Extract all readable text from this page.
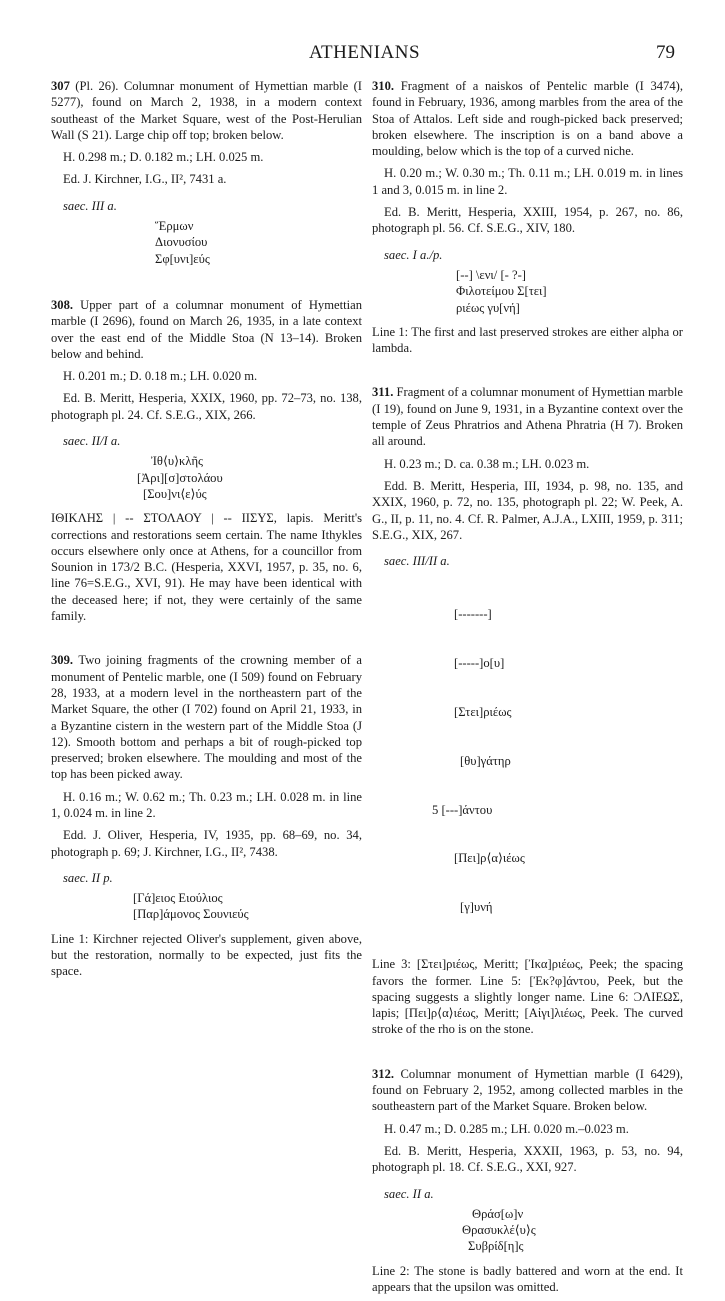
ATHENIANS	79

307 (Pl. 26). Columnar monument of Hymettian marble (I 5277), found on March 2, 1938, in a modern context southeast of the Market Square, west of the Post-Herulian Wall (S 21). Large chip off top; broken below.

H. 0.298 m.; D. 0.182 m.; LH. 0.025 m.

Ed. J. Kirchner, I.G., II², 7431 a.

saec. III a.
Ἕρμων
Διονυσίου
Σφ[υνι]εύς

308. Upper part of a columnar monument of Hymettian marble (I 2696), found on March 26, 1935, in a late context over the east end of the Middle Stoa (N 13–14). Broken below and behind.

H. 0.201 m.; D. 0.18 m.; LH. 0.020 m.

Ed. B. Meritt, Hesperia, XXIX, 1960, pp. 72–73, no. 138, photograph pl. 24. Cf. S.E.G., XIX, 266.

saec. II/I a.
Ἰθ⟨υ⟩κλῆς
[Ἀρι][σ]στολάου
[Σου]νι⟨ε⟩ύς

ΙΘΙΚΛΗΣ | -- ΣΤΟΛΑΟΥ | -- ΙΙΣΥΣ, lapis. Meritt's corrections and restorations seem certain. The name Ithykles occurs elsewhere only once at Athens, for a councillor from Sounion in 173/2 B.C. (Hesperia, XXVI, 1957, p. 35, no. 6, line 76=S.E.G., XVI, 91). He may have been identical with the deceased here; if not, they were certainly of the same family.

309. Two joining fragments of the crowning member of a monument of Pentelic marble, one (I 509) found on February 28, 1933, at a modern level in the northeastern part of the Market Square, the other (I 702) found on April 21, 1933, in a Byzantine cistern in the western part of the Middle Stoa (J 12). Smooth bottom and perhaps a bit of rough-picked top preserved; broken elsewhere. The moulding and most of the top has been picked away.

H. 0.16 m.; W. 0.62 m.; Th. 0.23 m.; LH. 0.028 m. in line 1, 0.024 m. in line 2.

Edd. J. Oliver, Hesperia, IV, 1935, pp. 68–69, no. 34, photograph p. 69; J. Kirchner, I.G., II², 7438.

saec. II p.
[Γά]ειος Ειούλιος
[Παρ]άμονος Σουνιεύς

Line 1: Kirchner rejected Oliver's supplement, given above, but the restoration, normally to be expected, just fits the space.

310. Fragment of a naiskos of Pentelic marble (I 3474), found in February, 1936, among marbles from the area of the Stoa of Attalos. Left side and rough-picked back preserved; broken elsewhere. The inscription is on a band above a moulding, below which is the top of a curved niche.

H. 0.20 m.; W. 0.30 m.; Th. 0.11 m.; LH. 0.019 m. in lines 1 and 3, 0.015 m. in line 2.

Ed. B. Meritt, Hesperia, XXIII, 1954, p. 267, no. 86, photograph pl. 56. Cf. S.E.G., XIV, 180.

saec. I a./p.
[--] \ενι/ [- ?-]
Φιλοτείμου Σ[τει]
ριέως γυ[νή]

Line 1: The first and last preserved strokes are either alpha or lambda.

311. Fragment of a columnar monument of Hymettian marble (I 19), found on June 9, 1931, in a Byzantine context over the temple of Zeus Phratrios and Athena Phratria (H 7). Broken all around.

H. 0.23 m.; D. ca. 0.38 m.; LH. 0.023 m.

Edd. B. Meritt, Hesperia, III, 1934, p. 98, no. 135, and XXIX, 1960, p. 72, no. 135, photograph pl. 22; W. Peek, A. G., II, p. 11, no. 4. Cf. R. Palmer, A.J.A., LXIII, 1959, p. 311; S.E.G., XIX, 267.

saec. III/II a.

[-------]

[-----]ο[υ]

[Στει]ριέως

[θυ]γάτηρ

5 [---]άντου

[Πει]ρ⟨α⟩ιέως

[γ]υνή

Line 3: [Στει]ριέως, Meritt; [Ἰκα]ριέως, Peek; the spacing favors the former. Line 5: [Ἐκ?φ]άντου, Peek, but the spacing suggests a slightly longer name. Line 6: ϽΛΙΕΩΣ, lapis; [Πει]ρ⟨α⟩ιέως, Meritt; [Αἰγι]λιέως, Peek. The curved stroke of the rho is on the stone.

312. Columnar monument of Hymettian marble (I 6429), found on February 2, 1952, among collected marbles in the southeastern part of the Market Square. Broken below.

H. 0.47 m.; D. 0.285 m.; LH. 0.020 m.–0.023 m.

Ed. B. Meritt, Hesperia, XXXII, 1963, p. 53, no. 94, photograph pl. 18. Cf. S.E.G., XXI, 927.

saec. II a.
Θράσ[ω]ν
Θρασυκλέ⟨υ⟩ς
Συβρίδ[η]ς

Line 2: The stone is badly battered and worn at the end. It appears that the upsilon was omitted.
